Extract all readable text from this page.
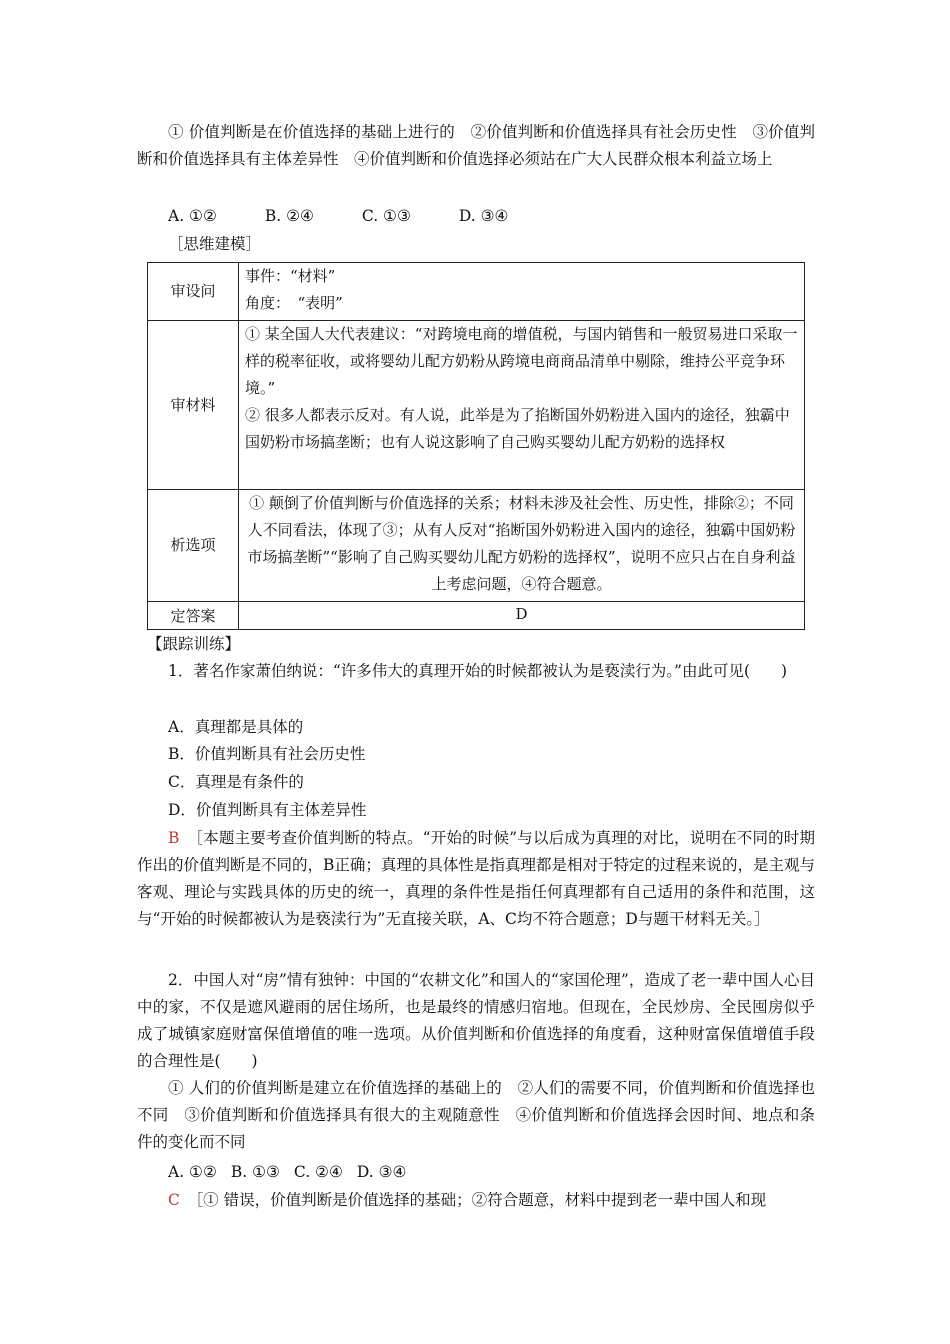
① 价值判断是在价值选择的基础上进行的　②价值判断和价值选择具有社会历史性　③价值判断和价值选择具有主体差异性　④价值判断和价值选择必须站在广大人民群众根本利益立场上
A. ①②	B. ②④	C. ①③	D. ③④
［思维建模］
审设问	事件：“材料”
角度：　“表明”

审材料	① 某全国人大代表建议：“对跨境电商的增值税，与国内销售和一般贸易进口采取一样的税率征收，或将婴幼儿配方奶粉从跨境电商商品清单中剔除，维持公平竞争环境。”
② 很多人都表示反对。有人说，此举是为了掐断国外奶粉进入国内的途径，独霸中国奶粉市场搞垄断；也有人说这影响了自己购买婴幼儿配方奶粉的选择权

析选项	① 颠倒了价值判断与价值选择的关系；材料未涉及社会性、历史性，排除②；不同人不同看法，体现了③；从有人反对“掐断国外奶粉进入国内的途径，独霸中国奶粉市场搞垄断”“影响了自己购买婴幼儿配方奶粉的选择权”，说明不应只占在自身利益上考虑问题，④符合题意。

定答案	D
【跟踪训练】
1．著名作家萧伯纳说：“许多伟大的真理开始的时候都被认为是亵渎行为。”由此可见(　　)
A．真理都是具体的
B．价值判断具有社会历史性
C．真理是有条件的
D．价值判断具有主体差异性
B　 ［本题主要考查价值判断的特点。“开始的时候”与以后成为真理的对比，说明在不同的时期作出的价值判断是不同的，B正确；真理的具体性是指真理都是相对于特定的过程来说的，是主观与客观、理论与实践具体的历史的统一，真理的条件性是指任何真理都有自己适用的条件和范围，这与“开始的时候都被认为是亵渎行为”无直接关联，A、C均不符合题意；D与题干材料无关。］
2．中国人对“房”情有独钟：中国的“农耕文化”和国人的“家国伦理”，造成了老一辈中国人心目中的家，不仅是遮风避雨的居住场所，也是最终的情感归宿地。但现在，全民炒房、全民囤房似乎成了城镇家庭财富保值增值的唯一选项。从价值判断和价值选择的角度看，这种财富保值增值手段的合理性是(　　)
① 人们的价值判断是建立在价值选择的基础上的　②人们的需要不同，价值判断和价值选择也不同　③价值判断和价值选择具有很大的主观随意性　④价值判断和价值选择会因时间、地点和条件的变化而不同
A. ①② B. ①③ C. ②④ D. ③④
C　 ［① 错误，价值判断是价值选择的基础；②符合题意，材料中提到老一辈中国人和现
